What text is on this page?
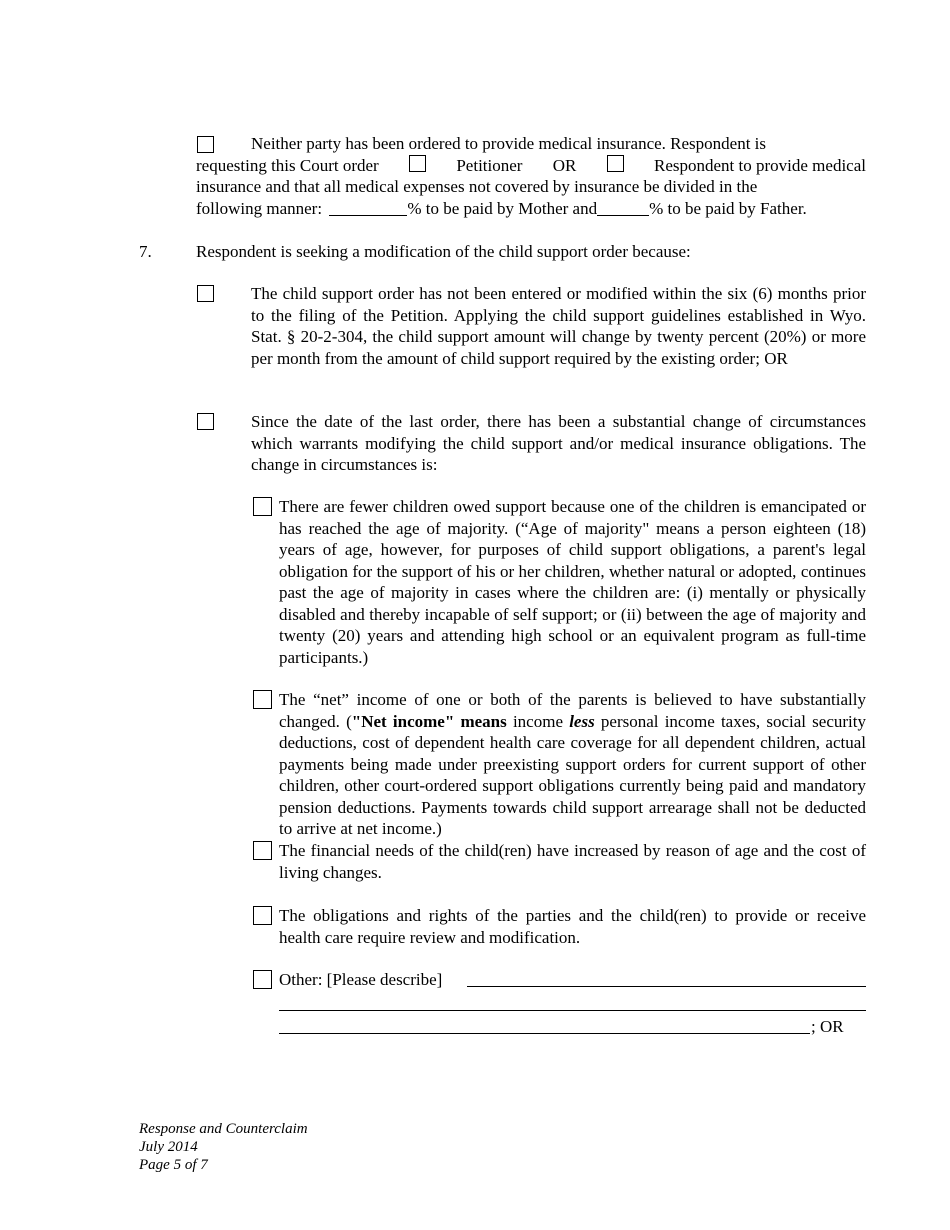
Neither party has been ordered to provide medical insurance. Respondent is
requesting this Court order	Petitioner OR	Respondent to provide medical
insurance and that all medical expenses not covered by insurance be divided in the
following manner:	% to be paid by Mother and	% to be paid by Father.
7.	Respondent is seeking a modification of the child support order because:
The child support order has not been entered or modified within the six (6) months prior to the filing of the Petition. Applying the child support guidelines established in Wyo. Stat. § 20-2-304, the child support amount will change by twenty percent (20%) or more per month from the amount of child support required by the existing order; OR
Since the date of the last order, there has been a substantial change of circumstances which warrants modifying the child support and/or medical insurance obligations. The change in circumstances is:
There are fewer children owed support because one of the children is emancipated or has reached the age of majority. (“Age of majority" means a person eighteen (18) years of age, however, for purposes of child support obligations, a parent's legal obligation for the support of his or her children, whether natural or adopted, continues past the age of majority in cases where the children are: (i) mentally or physically disabled and thereby incapable of self support; or (ii) between the age of majority and twenty (20) years and attending high school or an equivalent program as full-time participants.)
The “net” income of one or both of the parents is believed to have substantially changed. ("Net income" means income less personal income taxes, social security deductions, cost of dependent health care coverage for all dependent children, actual payments being made under preexisting support orders for current support of other children, other court-ordered support obligations currently being paid and mandatory pension deductions. Payments towards child support arrearage shall not be deducted to arrive at net income.)
The financial needs of the child(ren) have increased by reason of age and the cost of living changes.
The obligations and rights of the parties and the child(ren) to provide or receive health care require review and modification.
Other: [Please describe]
; OR
Response and Counterclaim
July 2014
Page 5 of 7
